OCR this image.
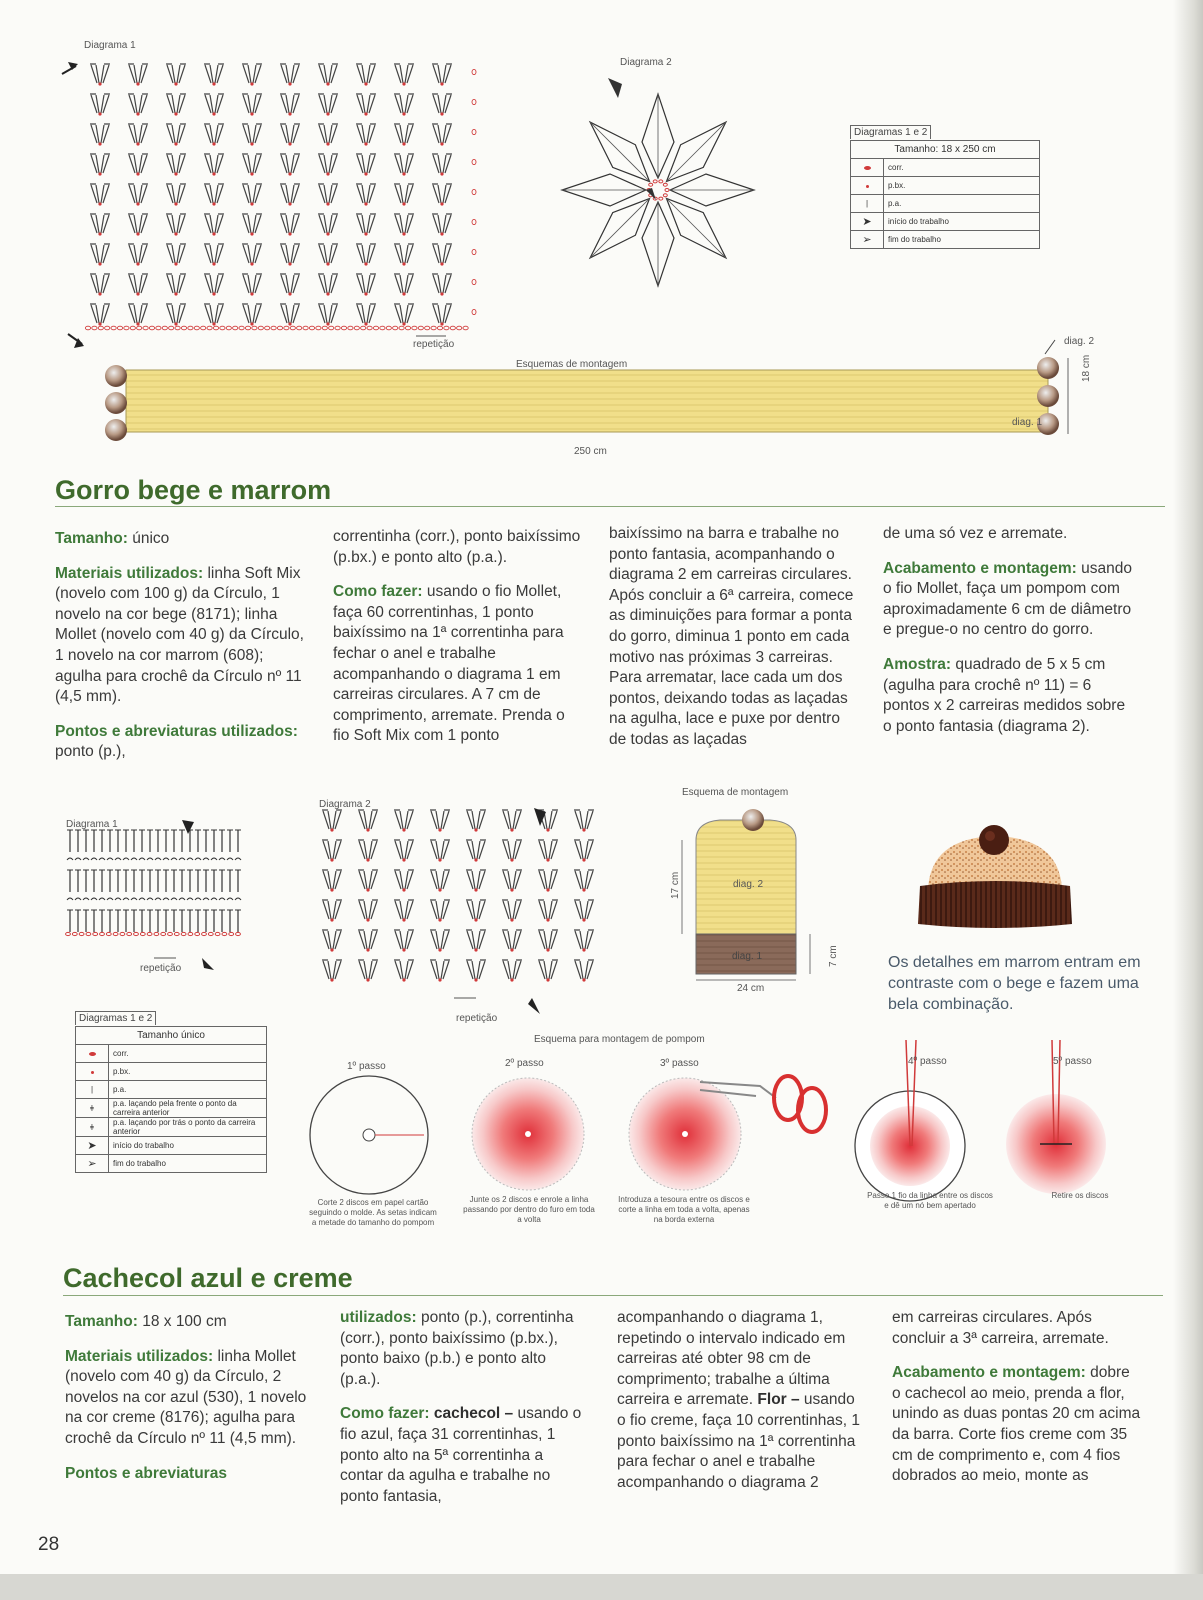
Diagrama 1
repetição
Diagrama 2
Diagramas 1 e 2
Tamanho: 18 x 250 cm	
	corr.
	p.bx.
|	p.a.
➤	início do trabalho
➢	fim do trabalho
Esquemas de montagem
250 cm
18 cm
diag. 1
diag. 2
Gorro bege e marrom

Tamanho: único

Materiais utilizados: linha Soft Mix (novelo com 100 g) da Círculo, 1 novelo na cor bege (8171); linha Mollet (novelo com 40 g) da Círculo, 1 novelo na cor marrom (608); agulha para crochê da Círculo nº 11 (4,5 mm).

Pontos e abreviaturas utilizados: ponto (p.),

correntinha (corr.), ponto baixíssimo (p.bx.) e ponto alto (p.a.).

Como fazer: usando o fio Mollet, faça 60 correntinhas, 1 ponto baixíssimo na 1ª correntinha para fechar o anel e trabalhe acompanhando o diagrama 1 em carreiras circulares. A 7 cm de comprimento, arremate. Prenda o fio Soft Mix com 1 ponto

baixíssimo na barra e trabalhe no ponto fantasia, acompanhando o diagrama 2 em carreiras circulares. Após concluir a 6ª carreira, comece as diminuições para formar a ponta do gorro, diminua 1 ponto em cada motivo nas próximas 3 carreiras. Para arrematar, lace cada um dos pontos, deixando todas as laçadas na agulha, lace e puxe por dentro de todas as laçadas

de uma só vez e arremate.

Acabamento e montagem: usando o fio Mollet, faça um pompom com aproximadamente 6 cm de diâmetro e pregue-o no centro do gorro.

Amostra: quadrado de 5 x 5 cm (agulha para crochê nº 11) = 6 pontos x 2 carreiras medidos sobre o ponto fantasia (diagrama 2).

Diagrama 1
repetição
Diagrama 2
repetição
Esquema de montagem
diag. 2
diag. 1
17 cm
7 cm
24 cm
Os detalhes em marrom entram em contraste com o bege e fazem uma bela combinação.
Diagramas 1 e 2
Tamanho único	
	corr.
	p.bx.
|	p.a.
ǂ	p.a. laçando pela frente o ponto da carreira anterior
ǂ	p.a. laçando por trás o ponto da carreira anterior
➤	início do trabalho
➢	fim do trabalho
Esquema para montagem de pompom
1º passo	2º passo	3º passo	4º passo	5º passo
Corte 2 discos em papel cartão seguindo o molde. As setas indicam a metade do tamanho do pompom
Junte os 2 discos e enrole a linha passando por dentro do furo em toda a volta
Introduza a tesoura entre os discos e corte a linha em toda a volta, apenas na borda externa
Passe 1 fio da linha entre os discos e dê um nó bem apertado
Retire os discos
Cachecol azul e creme

Tamanho: 18 x 100 cm

Materiais utilizados: linha Mollet (novelo com 40 g) da Círculo, 2 novelos na cor azul (530), 1 novelo na cor creme (8176); agulha para crochê da Círculo nº 11 (4,5 mm).

Pontos e abreviaturas

utilizados: ponto (p.), correntinha (corr.), ponto baixíssimo (p.bx.), ponto baixo (p.b.) e ponto alto (p.a.).

Como fazer: cachecol – usando o fio azul, faça 31 correntinhas, 1 ponto alto na 5ª correntinha a contar da agulha e trabalhe no ponto fantasia,

acompanhando o diagrama 1, repetindo o intervalo indicado em carreiras até obter 98 cm de comprimento; trabalhe a última carreira e arremate. Flor – usando o fio creme, faça 10 correntinhas, 1 ponto baixíssimo na 1ª correntinha para fechar o anel e trabalhe acompanhando o diagrama 2

em carreiras circulares. Após concluir a 3ª carreira, arremate.

Acabamento e montagem: dobre o cachecol ao meio, prenda a flor, unindo as duas pontas 20 cm acima da barra. Corte fios creme com 35 cm de comprimento e, com 4 fios dobrados ao meio, monte as

28
